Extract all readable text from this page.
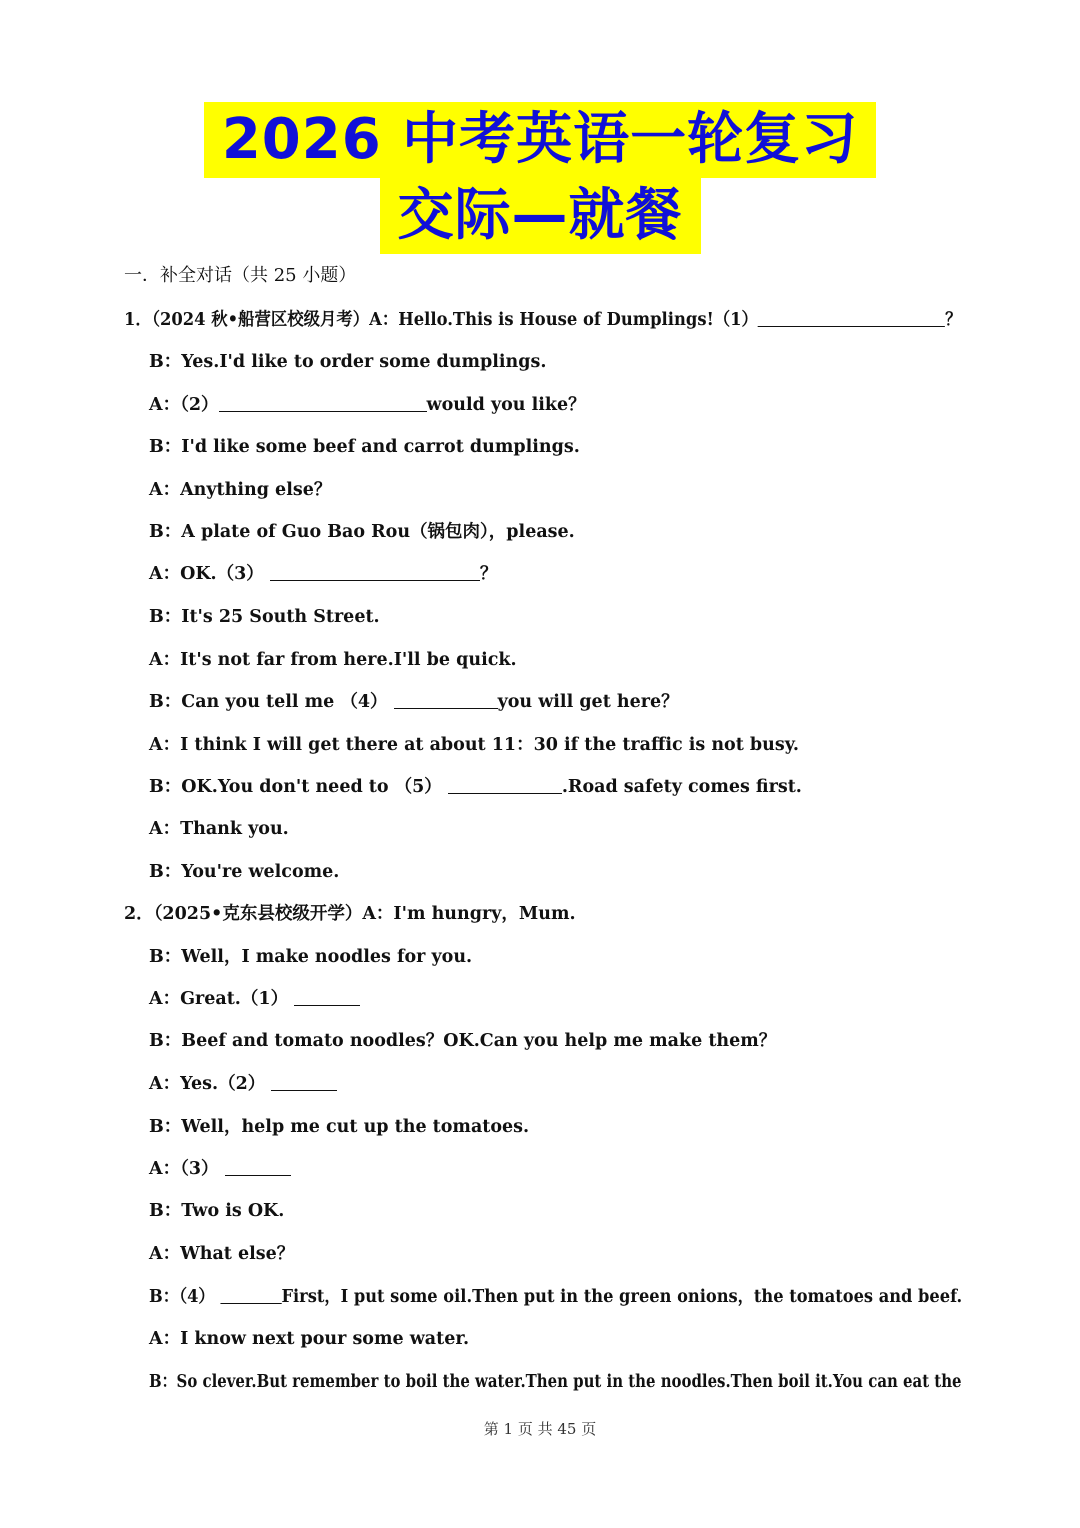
2026 中考英语一轮复习
交际—就餐
一．补全对话（共 25 小题）
1．（2024 秋•船营区校级月考）A：Hello.This is House of Dumplings!（1）	？
B：Yes.I'd like to order some dumplings.
A：（2）	would you like？
B：I'd like some beef and carrot dumplings.
A：Anything else？
B：A plate of Guo Bao Rou（锅包肉），please.
A：OK.（3）	？
B：It's 25 South Street.
A：It's not far from here.I'll be quick.
B：Can you tell me （4）	you will get here？
A：I think I will get there at about 11：30 if the traffic is not busy.
B：OK.You don't need to （5）	.Road safety comes first.
A：Thank you.
B：You're welcome.
2．（2025•克东县校级开学）A：I'm hungry，Mum.
B：Well，I make noodles for you.
A：Great.（1）
B：Beef and tomato noodles？OK.Can you help me make them？
A：Yes.（2）
B：Well，help me cut up the tomatoes.
A：（3）
B：Two is OK.
A：What else？
B：（4）	First，I put some oil.Then put in the green onions，the tomatoes and beef.
A：I know next pour some water.
B：So clever.But remember to boil the water.Then put in the noodles.Then boil it.You can eat the
第 1 页 共 45 页
